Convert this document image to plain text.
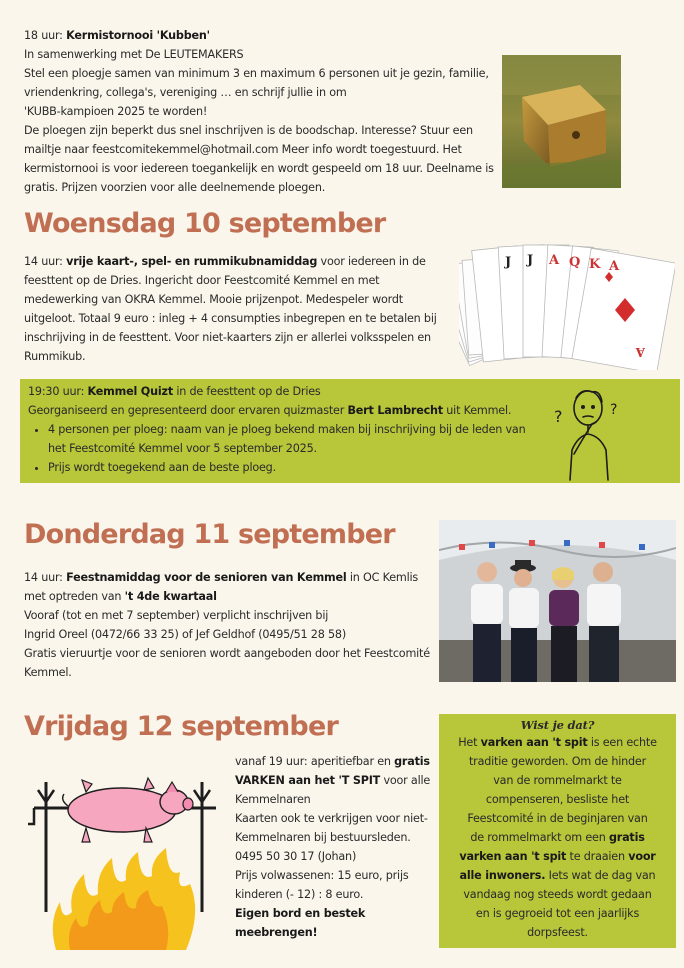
18 uur: Kermistornooi 'Kubben'

In samenwerking met De LEUTEMAKERS

Stel een ploegje samen van minimum 3 en maximum 6 personen uit je gezin, familie,

vriendenkring, collega's, vereniging … en schrijf jullie in om

'KUBB-kampioen 2025 te worden!

De ploegen zijn beperkt dus snel inschrijven is de boodschap. Interesse? Stuur een

mailtje naar feestcomitekemmel@hotmail.com Meer info wordt toegestuurd. Het

kermistornooi is voor iedereen toegankelijk en wordt gespeeld om 18 uur. Deelname is

gratis. Prijzen voorzien voor alle deelnemende ploegen.

Woensdag 10 september

14 uur: vrije kaart-, spel- en rummikubnamiddag voor iedereen in de

feesttent op de Dries. Ingericht door Feestcomité Kemmel en met

medewerking van OKRA Kemmel. Mooie prijzenpot. Medespeler wordt

uitgeloot. Totaal 9 euro : inleg + 4 consumpties inbegrepen en te betalen bij

inschrijving in de feesttent. Voor niet-kaarters zijn er allerlei volksspelen en

Rummikub.

J J A Q K A
A

19:30 uur: Kemmel Quizt in de feesttent op de Dries

Georganiseerd en gepresenteerd door ervaren quizmaster Bert Lambrecht uit Kemmel.

• 4 personen per ploeg: naam van je ploeg bekend maken bij inschrijving bij de leden van
het Feestcomité Kemmel voor 5 september 2025.
• Prijs wordt toegekend aan de beste ploeg.
?	?
Donderdag 11 september

14 uur: Feestnamiddag voor de senioren van Kemmel in OC Kemlis

met optreden van 't 4de kwartaal

Vooraf (tot en met 7 september) verplicht inschrijven bij

Ingrid Oreel (0472/66 33 25) of Jef Geldhof (0495/51 28 58)

Gratis vieruurtje voor de senioren wordt aangeboden door het Feestcomité

Kemmel.

Vrijdag 12 september

vanaf 19 uur: aperitiefbar en gratis

VARKEN aan het 'T SPIT voor alle

Kemmelnaren

Kaarten ook te verkrijgen voor niet-

Kemmelnaren bij bestuursleden.

0495 50 30 17 (Johan)

Prijs volwassenen: 15 euro, prijs

kinderen (- 12) : 8 euro.

Eigen bord en bestek meebrengen!

Wist je dat?
Het varken aan 't spit is een echte
traditie geworden. Om de hinder
van de rommelmarkt te
compenseren, besliste het
Feestcomité in de beginjaren van
de rommelmarkt om een gratis
varken aan 't spit te draaien voor
alle inwoners. Iets wat de dag van
vandaag nog steeds wordt gedaan
en is gegroeid tot een jaarlijks
dorpsfeest.
